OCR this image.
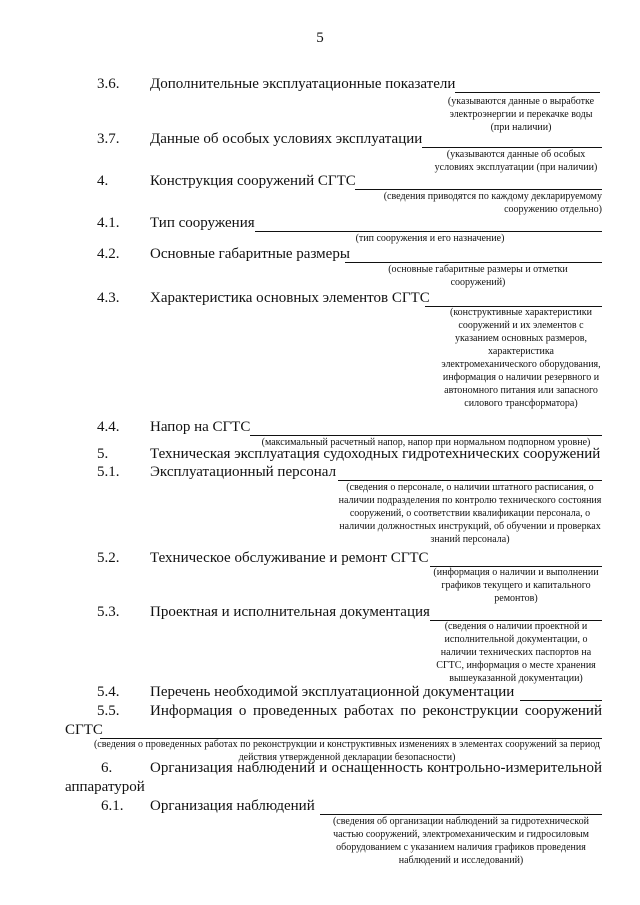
5
3.6. Дополнительные эксплуатационные показатели
(указываются данные о выработке электроэнергии и перекачке воды (при наличии)
3.7. Данные об особых условиях эксплуатации
(указываются данные об особых условиях эксплуатации (при наличии)
4.	Конструкция сооружений СГТС
(сведения приводятся по каждому декларируемому сооружению отдельно)
4.1. Тип сооружения
(тип сооружения и его назначение)
4.2. Основные габаритные размеры
(основные габаритные размеры и отметки сооружений)
4.3. Характеристика основных элементов СГТС
(конструктивные характеристики сооружений и их элементов с указанием основных размеров, характеристика электромеханического оборудования, информация о наличии резервного и автономного питания или запасного силового трансформатора)
4.4. Напор на СГТС
(максимальный расчетный напор, напор при нормальном подпорном уровне)
5.	Техническая эксплуатация судоходных гидротехнических сооружений
5.1. Эксплуатационный персонал
(сведения о персонале, о наличии штатного расписания, о наличии подразделения по контролю технического состояния сооружений, о соответствии квалификации персонала, о наличии должностных инструкций, об обучении и проверках знаний персонала)
5.2. Техническое обслуживание и ремонт СГТС
(информация о наличии и выполнении графиков текущего и капитального ремонтов)
5.3. Проектная и исполнительная документация
(сведения о наличии проектной и исполнительной документации, о наличии технических паспортов на СГТС, информация о месте хранения вышеуказанной документации)
5.4. Перечень необходимой эксплуатационной документации
5.5. Информация о проведенных работах по реконструкции сооружений
СГТС
(сведения о проведенных работах по реконструкции и конструктивных изменениях в элементах сооружений за период действия утвержденной декларации безопасности)
6.	Организация наблюдений и оснащенность контрольно-измерительной
аппаратурой
6.1. Организация наблюдений
(сведения об организации наблюдений за гидротехнической частью сооружений, электромеханическим и гидросиловым оборудованием с указанием наличия графиков проведения наблюдений и исследований)
